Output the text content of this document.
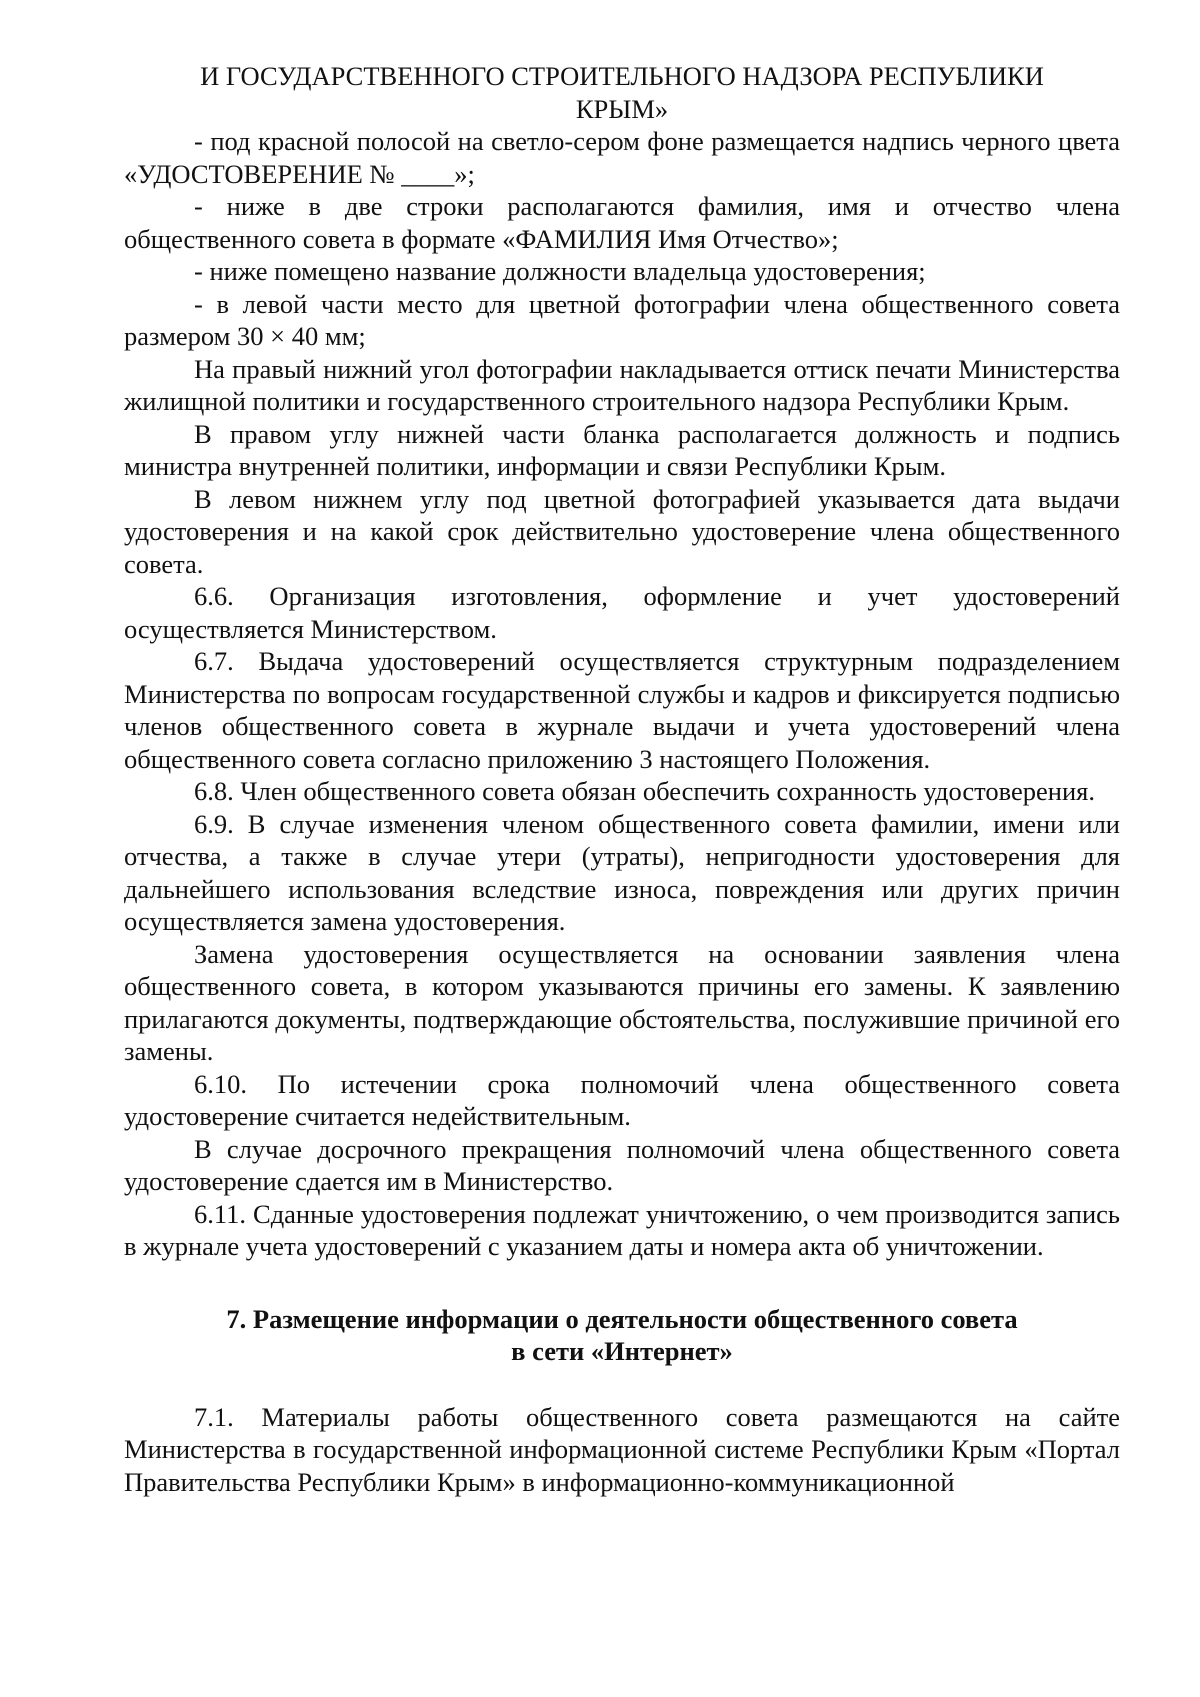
И ГОСУДАРСТВЕННОГО СТРОИТЕЛЬНОГО НАДЗОРА РЕСПУБЛИКИ
КРЫМ»

- под красной полосой на светло-сером фоне размещается надпись черного цвета «УДОСТОВЕРЕНИЕ № ____»;

- ниже в две строки располагаются фамилия, имя и отчество члена общественного совета в формате «ФАМИЛИЯ Имя Отчество»;

- ниже помещено название должности владельца удостоверения;

- в левой части место для цветной фотографии члена общественного совета размером 30 × 40 мм;

На правый нижний угол фотографии накладывается оттиск печати Министерства жилищной политики и государственного строительного надзора Республики Крым.

В правом углу нижней части бланка располагается должность и подпись министра внутренней политики, информации и связи Республики Крым.

В левом нижнем углу под цветной фотографией указывается дата выдачи удостоверения и на какой срок действительно удостоверение члена общественного совета.

6.6. Организация изготовления, оформление и учет удостоверений осуществляется Министерством.

6.7. Выдача удостоверений осуществляется структурным подразделением Министерства по вопросам государственной службы и кадров и фиксируется подписью членов общественного совета в журнале выдачи и учета удостоверений члена общественного совета согласно приложению 3 настоящего Положения.

6.8. Член общественного совета обязан обеспечить сохранность удостоверения.

6.9. В случае изменения членом общественного совета фамилии, имени или отчества, а также в случае утери (утраты), непригодности удостоверения для дальнейшего использования вследствие износа, повреждения или других причин осуществляется замена удостоверения.

Замена удостоверения осуществляется на основании заявления члена общественного совета, в котором указываются причины его замены. К заявлению прилагаются документы, подтверждающие обстоятельства, послужившие причиной его замены.

6.10. По истечении срока полномочий члена общественного совета удостоверение считается недействительным.

В случае досрочного прекращения полномочий члена общественного совета удостоверение сдается им в Министерство.

6.11. Сданные удостоверения подлежат уничтожению, о чем производится запись в журнале учета удостоверений с указанием даты и номера акта об уничтожении.

7. Размещение информации о деятельности общественного совета
в сети «Интернет»

7.1. Материалы работы общественного совета размещаются на сайте Министерства в государственной информационной системе Республики Крым «Портал Правительства Республики Крым» в информационно-коммуникационной
